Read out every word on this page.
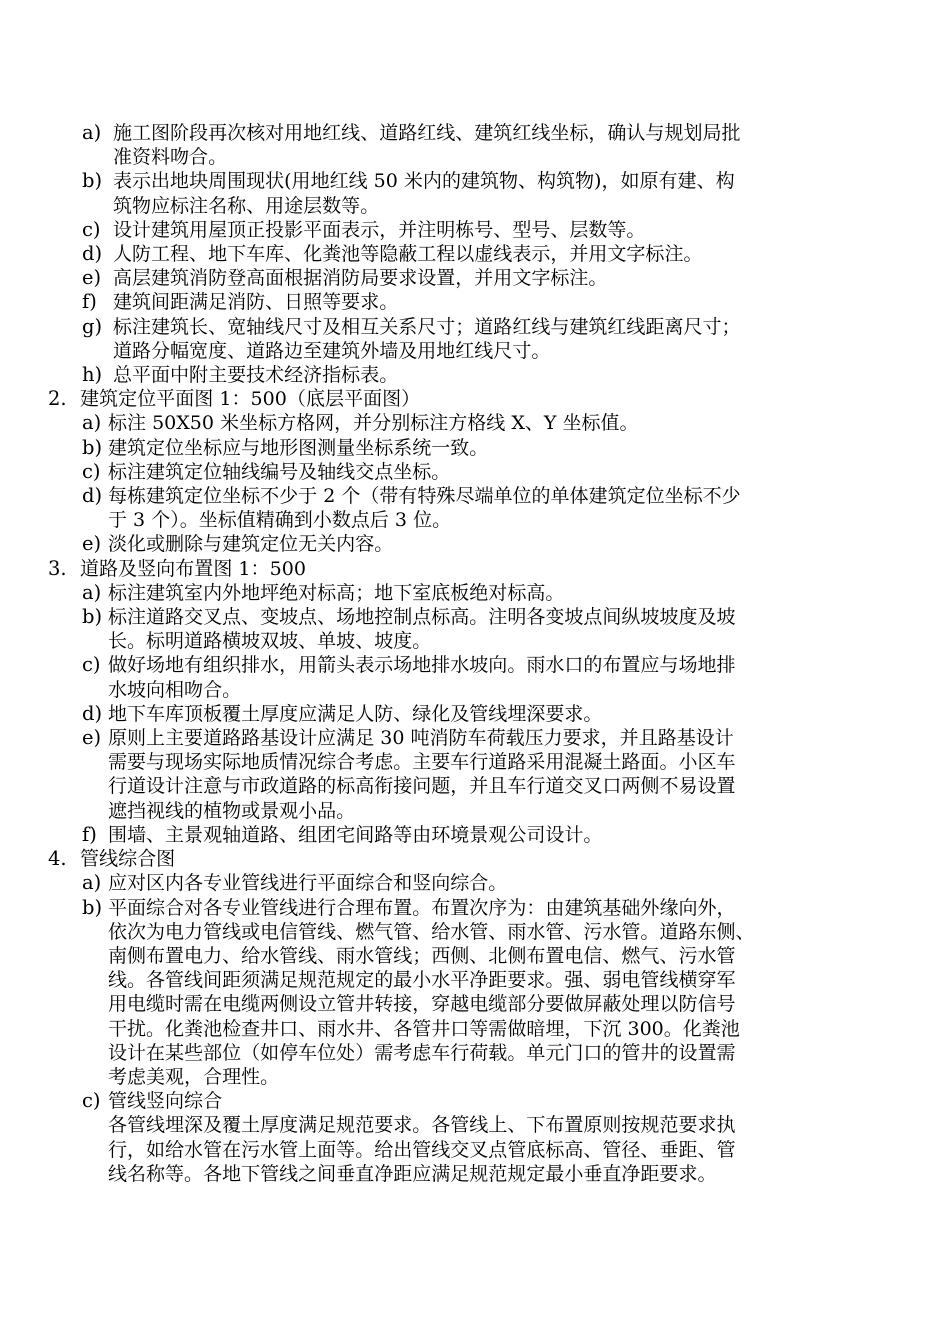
a) 施工图阶段再次核对用地红线、道路红线、建筑红线坐标，确认与规划局批
准资料吻合。
b) 表示出地块周围现状(用地红线 50 米内的建筑物、构筑物)，如原有建、构
筑物应标注名称、用途层数等。
c) 设计建筑用屋顶正投影平面表示，并注明栋号、型号、层数等。
d) 人防工程、地下车库、化粪池等隐蔽工程以虚线表示，并用文字标注。
e) 高层建筑消防登高面根据消防局要求设置，并用文字标注。
f) 建筑间距满足消防、日照等要求。
g) 标注建筑长、宽轴线尺寸及相互关系尺寸；道路红线与建筑红线距离尺寸；
道路分幅宽度、道路边至建筑外墙及用地红线尺寸。
h) 总平面中附主要技术经济指标表。
2. 建筑定位平面图 1：500（底层平面图）
a) 标注 50X50 米坐标方格网，并分别标注方格线 X、Y 坐标值。
b) 建筑定位坐标应与地形图测量坐标系统一致。
c) 标注建筑定位轴线编号及轴线交点坐标。
d) 每栋建筑定位坐标不少于 2 个（带有特殊尽端单位的单体建筑定位坐标不少
于 3 个）。坐标值精确到小数点后 3 位。
e) 淡化或删除与建筑定位无关内容。
3. 道路及竖向布置图 1：500
a) 标注建筑室内外地坪绝对标高；地下室底板绝对标高。
b) 标注道路交叉点、变坡点、场地控制点标高。注明各变坡点间纵坡坡度及坡
长。标明道路横坡双坡、单坡、坡度。
c) 做好场地有组织排水，用箭头表示场地排水坡向。雨水口的布置应与场地排
水坡向相吻合。
d) 地下车库顶板覆土厚度应满足人防、绿化及管线埋深要求。
e) 原则上主要道路路基设计应满足 30 吨消防车荷载压力要求，并且路基设计
需要与现场实际地质情况综合考虑。主要车行道路采用混凝土路面。小区车
行道设计注意与市政道路的标高衔接问题，并且车行道交叉口两侧不易设置
遮挡视线的植物或景观小品。
f) 围墙、主景观轴道路、组团宅间路等由环境景观公司设计。
4. 管线综合图
a) 应对区内各专业管线进行平面综合和竖向综合。
b) 平面综合对各专业管线进行合理布置。布置次序为：由建筑基础外缘向外，
依次为电力管线或电信管线、燃气管、给水管、雨水管、污水管。道路东侧、
南侧布置电力、给水管线、雨水管线；西侧、北侧布置电信、燃气、污水管
线。各管线间距须满足规范规定的最小水平净距要求。强、弱电管线横穿军
用电缆时需在电缆两侧设立管井转接，穿越电缆部分要做屏蔽处理以防信号
干扰。化粪池检查井口、雨水井、各管井口等需做暗埋，下沉 300。化粪池
设计在某些部位（如停车位处）需考虑车行荷载。单元门口的管井的设置需
考虑美观，合理性。
c) 管线竖向综合
各管线埋深及覆土厚度满足规范要求。各管线上、下布置原则按规范要求执
行，如给水管在污水管上面等。给出管线交叉点管底标高、管径、垂距、管
线名称等。各地下管线之间垂直净距应满足规范规定最小垂直净距要求。
